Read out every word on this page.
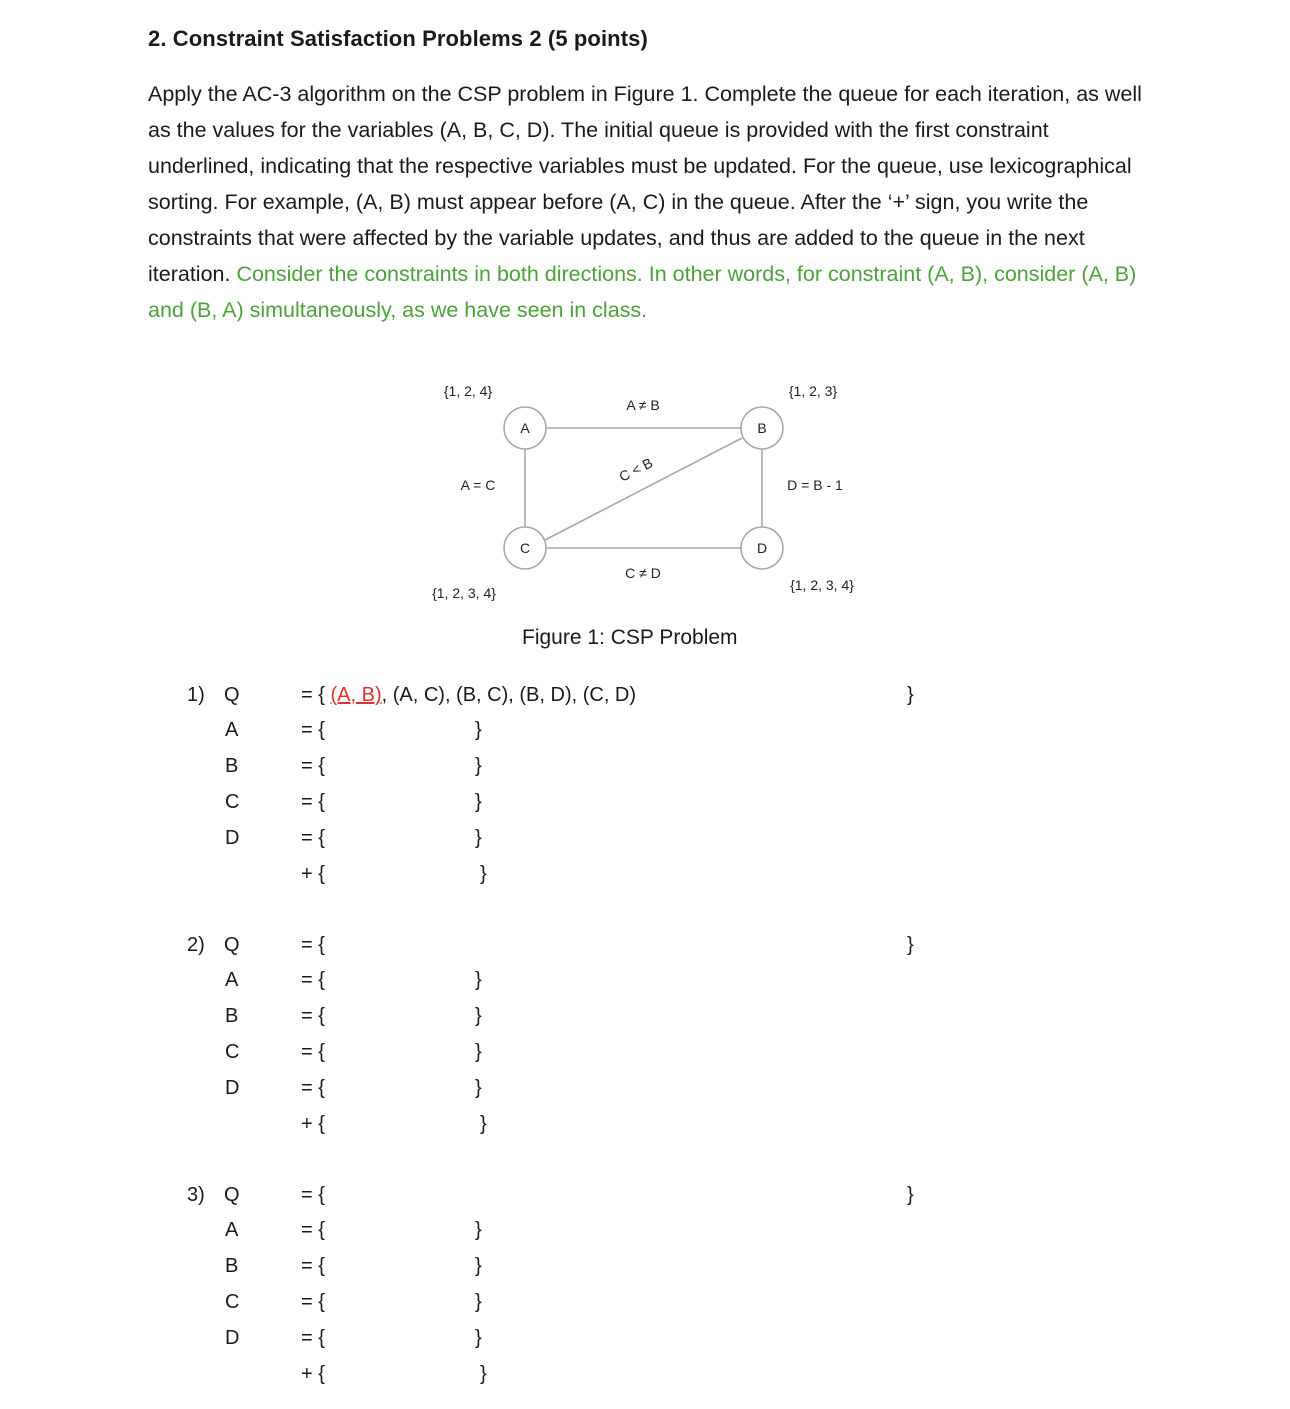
2. Constraint Satisfaction Problems 2 (5 points)
Apply the AC-3 algorithm on the CSP problem in Figure 1. Complete the queue for each iteration, as well as the values for the variables (A, B, C, D). The initial queue is provided with the first constraint underlined, indicating that the respective variables must be updated. For the queue, use lexicographical sorting. For example, (A, B) must appear before (A, C) in the queue. After the ‘+’ sign, you write the constraints that were affected by the variable updates, and thus are added to the queue in the next iteration. Consider the constraints in both directions. In other words, for constraint (A, B), consider (A, B) and (B, A) simultaneously, as we have seen in class.
A	B
C	D
{1, 2, 4}	{1, 2, 3}
{1, 2, 3, 4}	{1, 2, 3, 4}
A ≠ B
A = C
C < B
D = B - 1
C ≠ D
Figure 1: CSP Problem
1) Q	= { (A, B), (A, C), (B, C), (B, D), (C, D)	}
A	= {	}
B	= {	}
C	= {	}
D	= {	}
+ {	}
2) Q	= {	}
A	= {	}
B	= {	}
C	= {	}
D	= {	}
+ {	}
3) Q	= {	}
A	= {	}
B	= {	}
C	= {	}
D	= {	}
+ {	}
